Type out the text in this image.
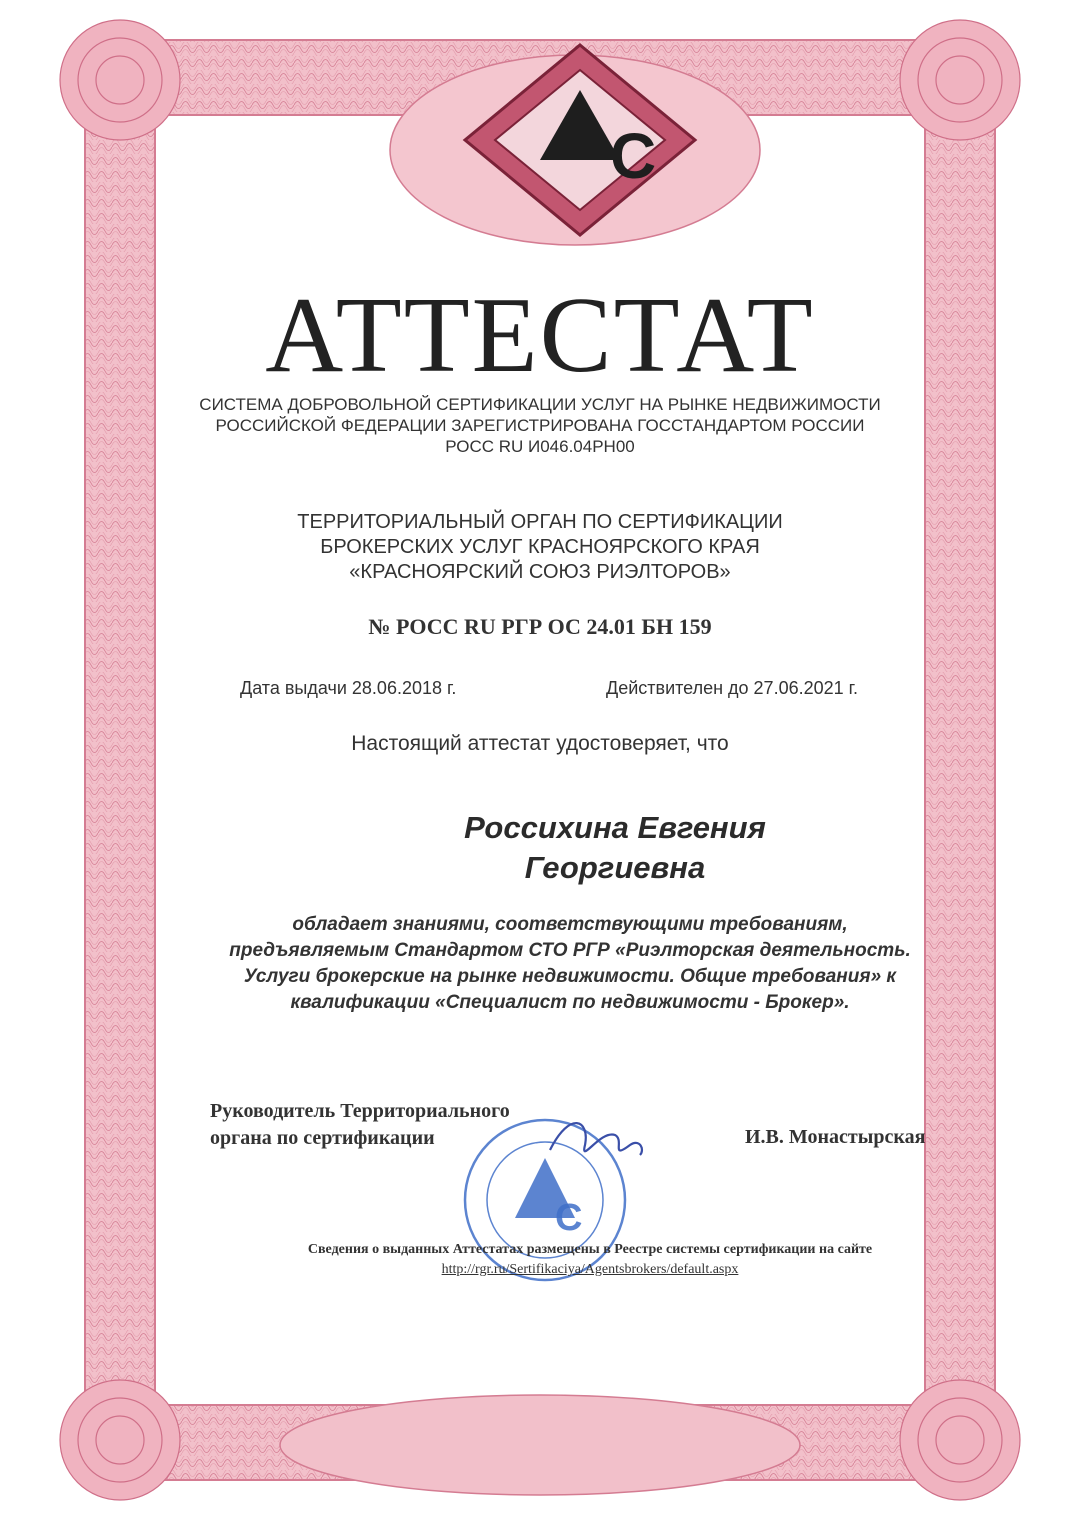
C
АТТЕСТАТ
СИСТЕМА ДОБРОВОЛЬНОЙ СЕРТИФИКАЦИИ УСЛУГ НА РЫНКЕ НЕДВИЖИМОСТИ
РОССИЙСКОЙ ФЕДЕРАЦИИ ЗАРЕГИСТРИРОВАНА ГОССТАНДАРТОМ РОССИИ
РОСС RU И046.04РН00
ТЕРРИТОРИАЛЬНЫЙ ОРГАН ПО СЕРТИФИКАЦИИ
БРОКЕРСКИХ УСЛУГ КРАСНОЯРСКОГО КРАЯ
«КРАСНОЯРСКИЙ СОЮЗ РИЭЛТОРОВ»
№ РОСС RU РГР ОС 24.01 БН 159
Дата выдачи 28.06.2018 г.	Действителен до 27.06.2021 г.
Настоящий аттестат удостоверяет, что
Россихина Евгения
Георгиевна
обладает знаниями, соответствующими требованиям,
предъявляемым Стандартом СТО РГР «Риэлторская деятельность.
Услуги брокерские на рынке недвижимости. Общие требования» к
квалификации «Специалист по недвижимости - Брокер».
Руководитель Территориального
органа по сертификации	И.В. Монастырская
C
Сведения о выданных Аттестатах размещены в Реестре системы сертификации на сайте
http://rgr.ru/Sertifikaciya/Agentsbrokers/default.aspx
